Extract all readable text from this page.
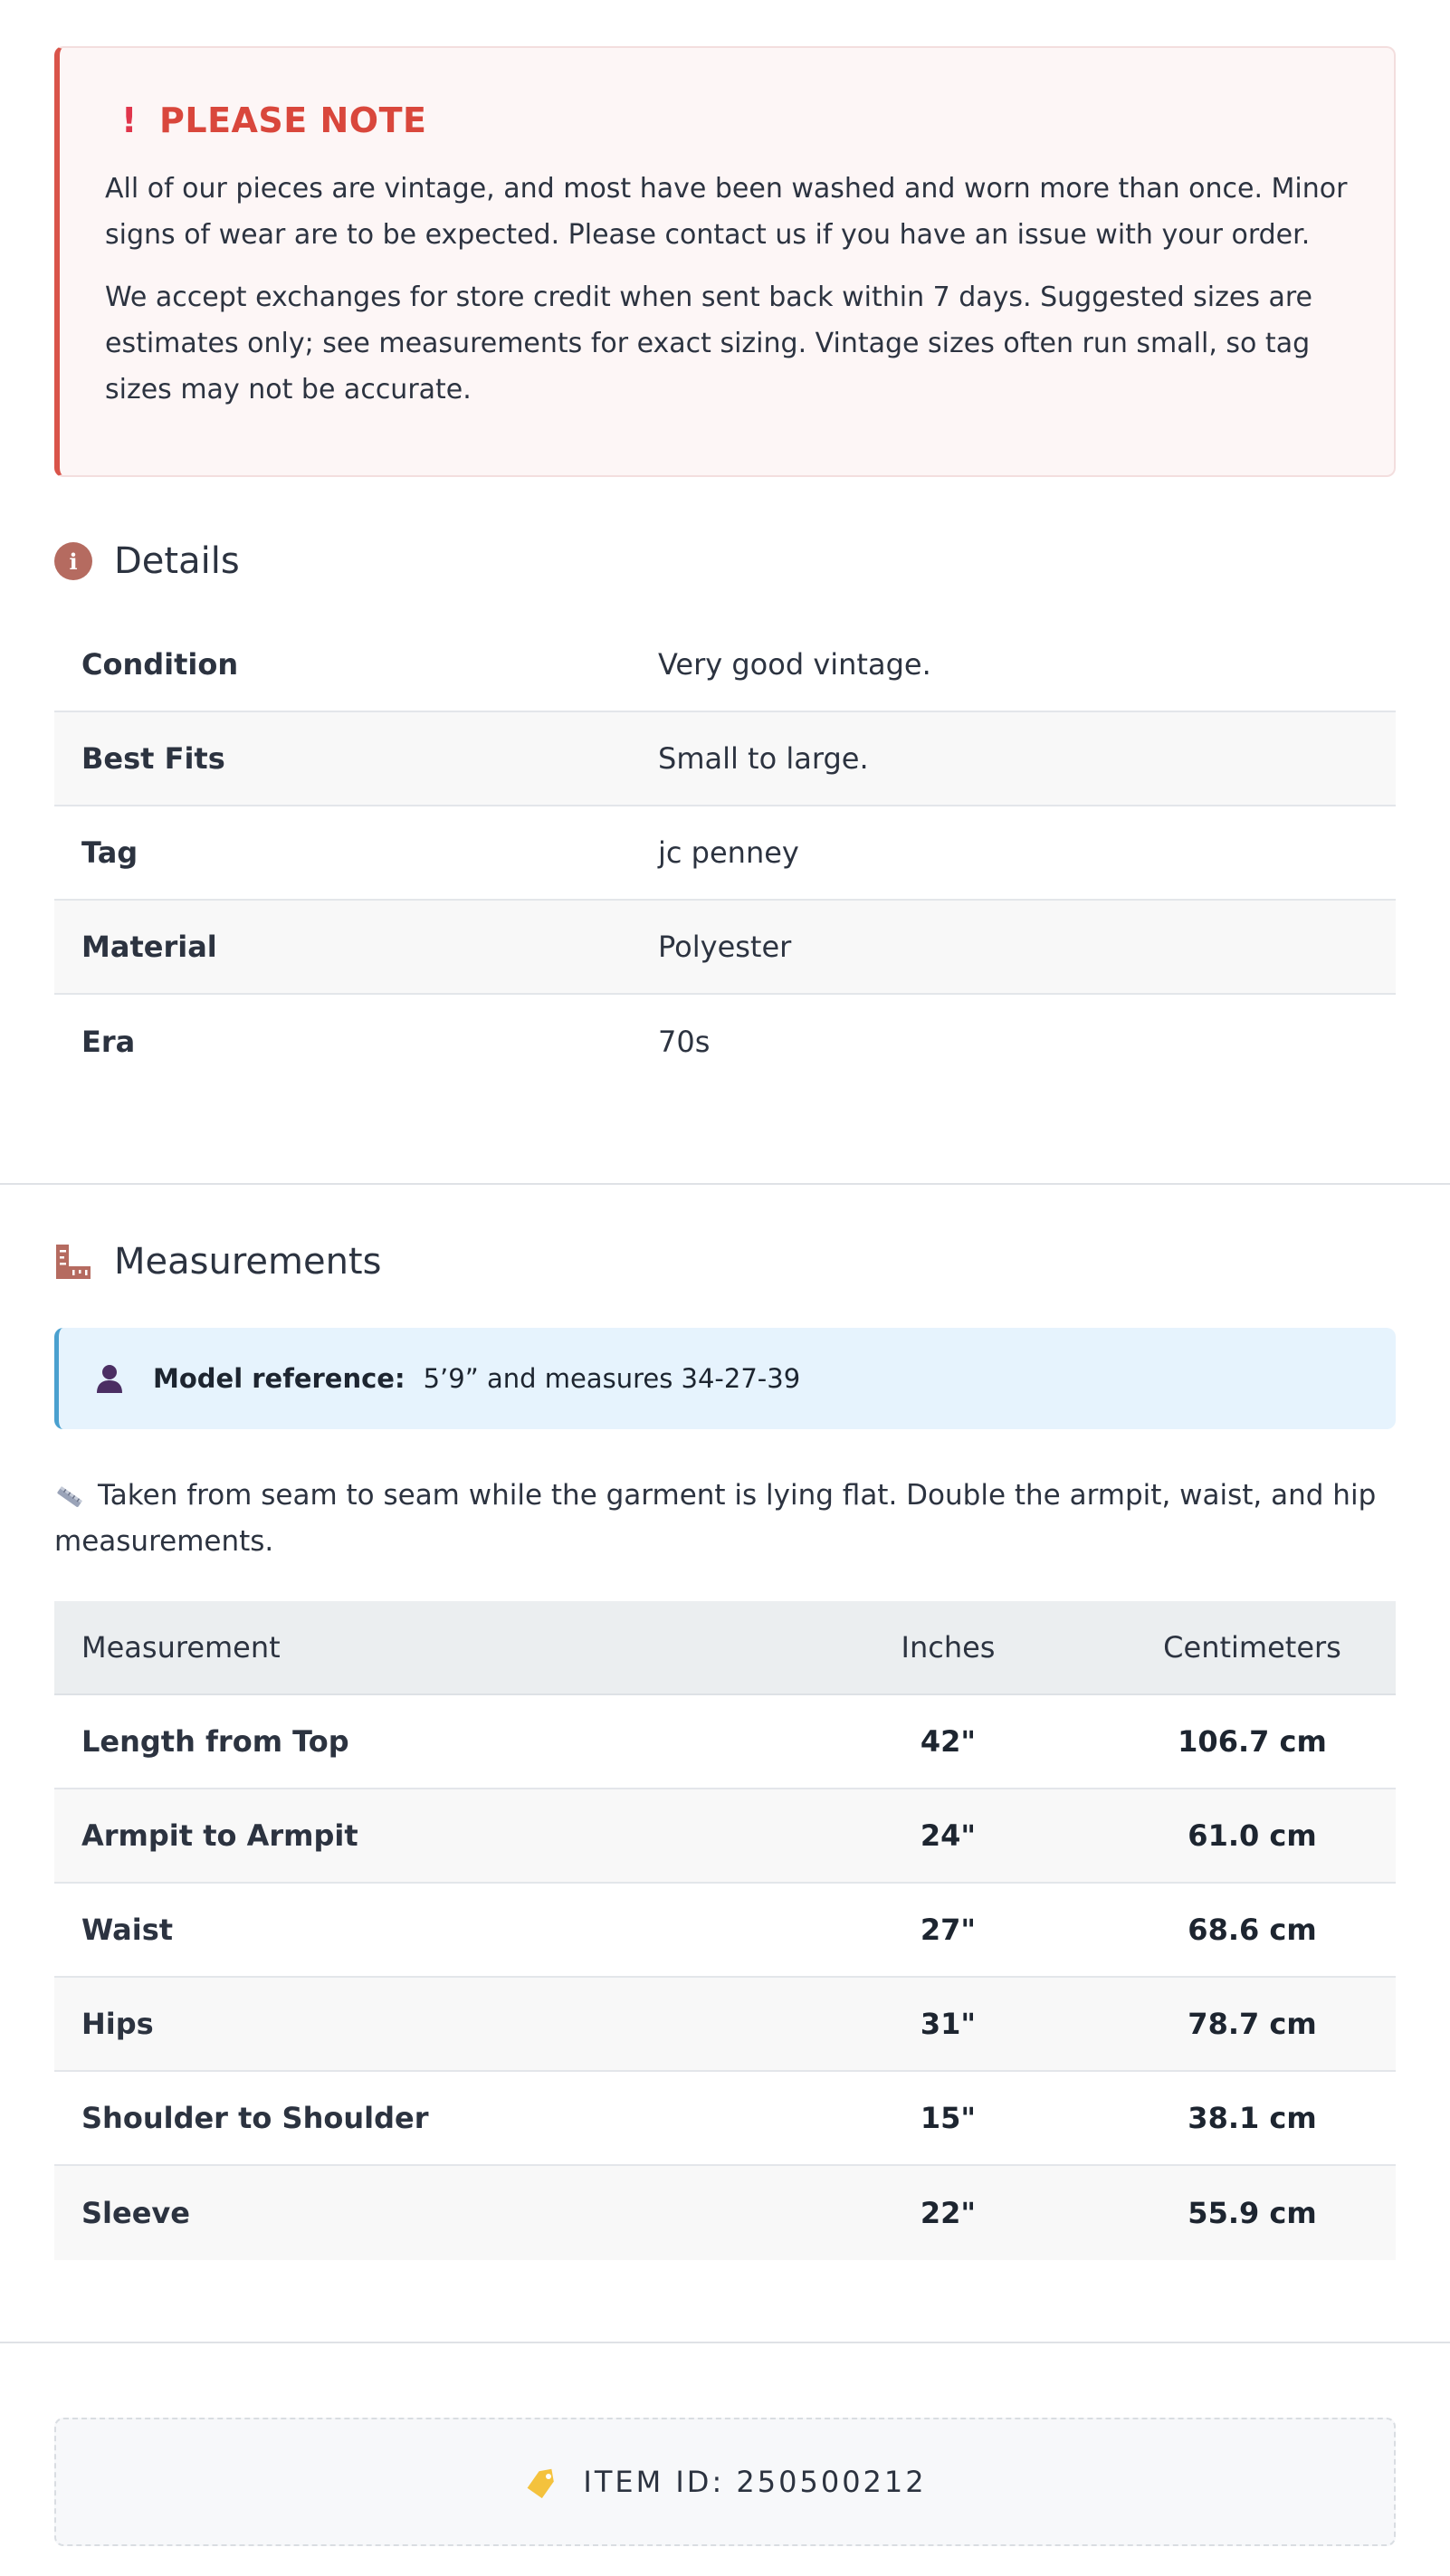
! PLEASE NOTE

All of our pieces are vintage, and most have been washed and worn more than once. Minor signs of wear are to be expected. Please contact us if you have an issue with your order.

We accept exchanges for store credit when sent back within 7 days. Suggested sizes are estimates only; see measurements for exact sizing. Vintage sizes often run small, so tag sizes may not be accurate.

i	Details
Condition	Very good vintage.
Best Fits	Small to large.
Tag	jc penney
Material	Polyester
Era	70s
Measurements
Model reference: 5’9” and measures 34-27-39

Taken from seam to seam while the garment is lying flat. Double the armpit, waist, and hip measurements.

Measurement	Inches	Centimeters
Length from Top	42"	106.7 cm
Armpit to Armpit	24"	61.0 cm
Waist	27"	68.6 cm
Hips	31"	78.7 cm
Shoulder to Shoulder	15"	38.1 cm
Sleeve	22"	55.9 cm
ITEM ID: 250500212
